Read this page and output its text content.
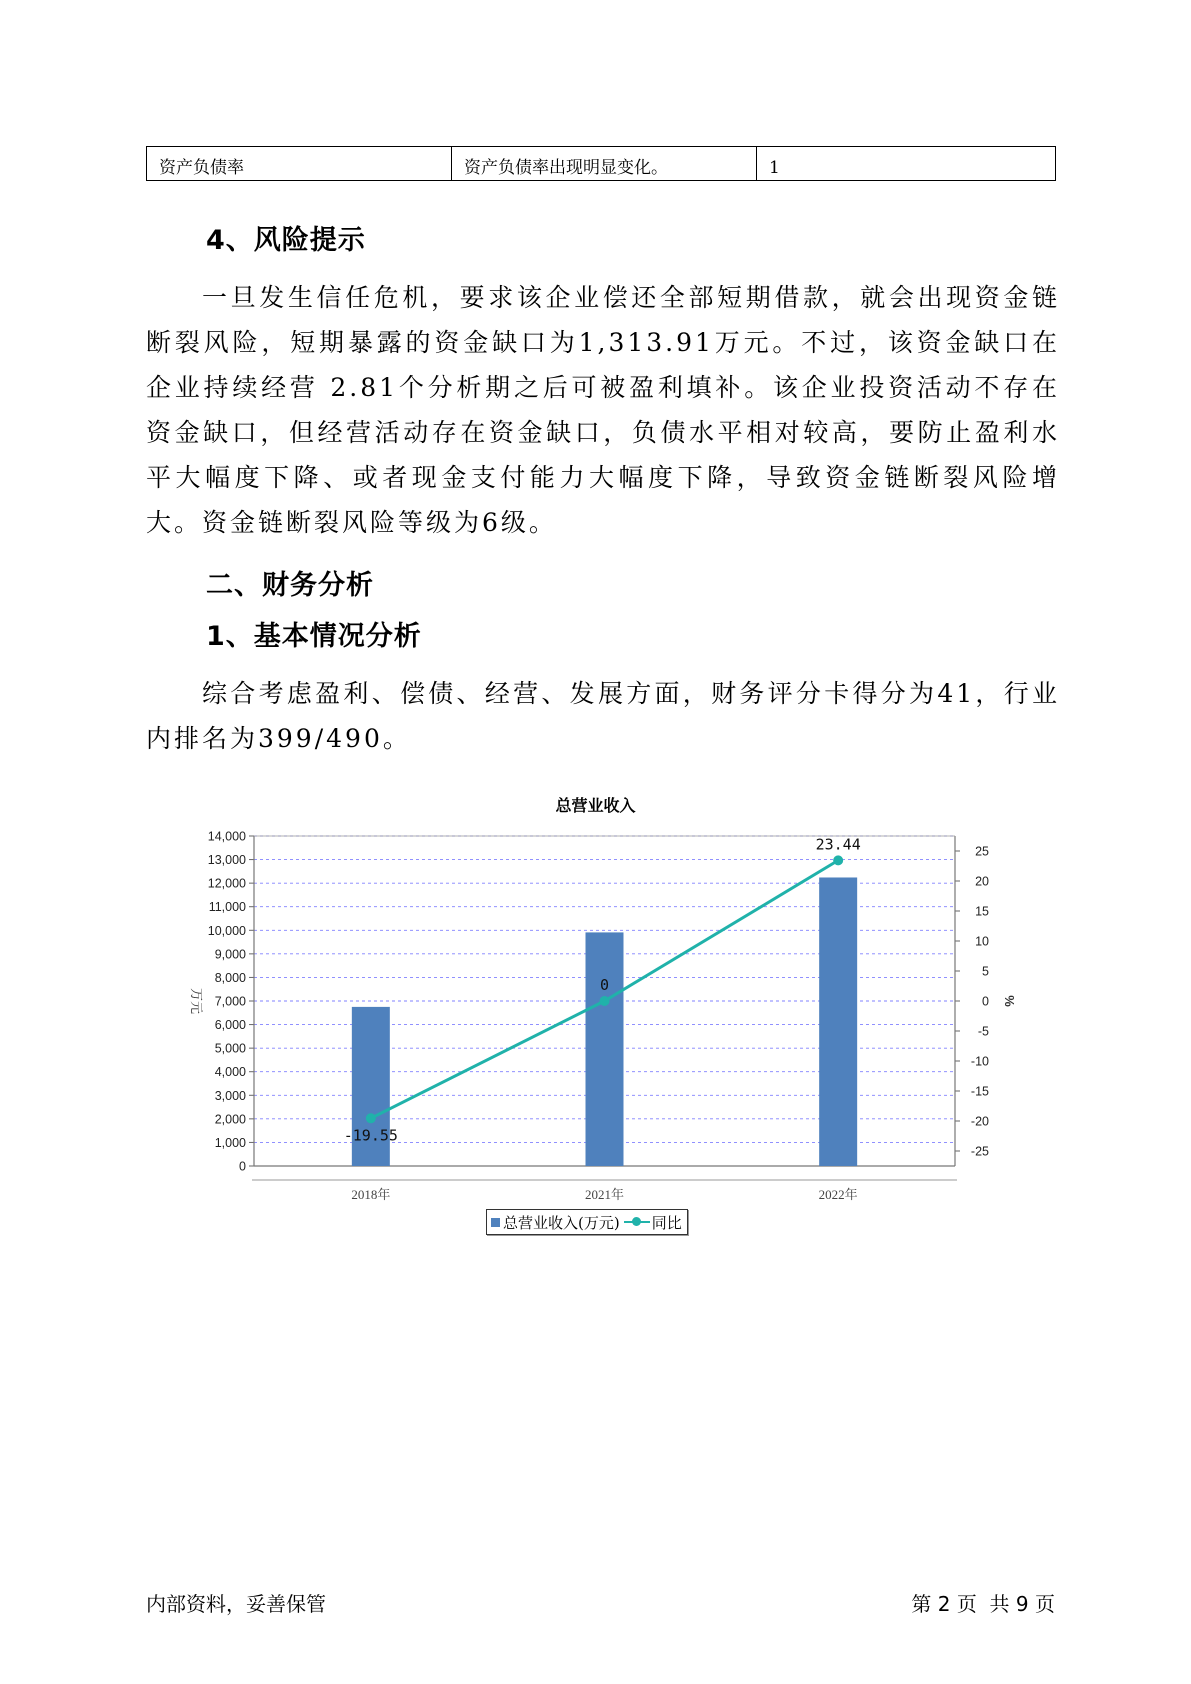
资产负债率	资产负债率出现明显变化。	1
4、风险提示

一旦发生信任危机，要求该企业偿还全部短期借款，就会出现资金链断裂风险，短期暴露的资金缺口为1,313.91万元。不过，该资金缺口在企业持续经营 2.81个分析期之后可被盈利填补。该企业投资活动不存在资金缺口，但经营活动存在资金缺口，负债水平相对较高，要防止盈利水平大幅度下降、或者现金支付能力大幅度下降，导致资金链断裂风险增大。资金链断裂风险等级为6级。

二、财务分析
1、基本情况分析

综合考虑盈利、偿债、经营、发展方面，财务评分卡得分为41，行业内排名为399/490。

总营业收入
0
1,000
2,000
3,000
4,000
5,000
6,000
7,000
8,000
9,000
10,000
11,000
12,000
13,000
14,000
-25
-20
-15
-10
-5
0
5
10
15
20
25
万元	%
2018年	2021年	2022年
-19.55
0
23.44
总营业收入(万元) 同比
内部资料，妥善保管	第 2 页  共 9 页
